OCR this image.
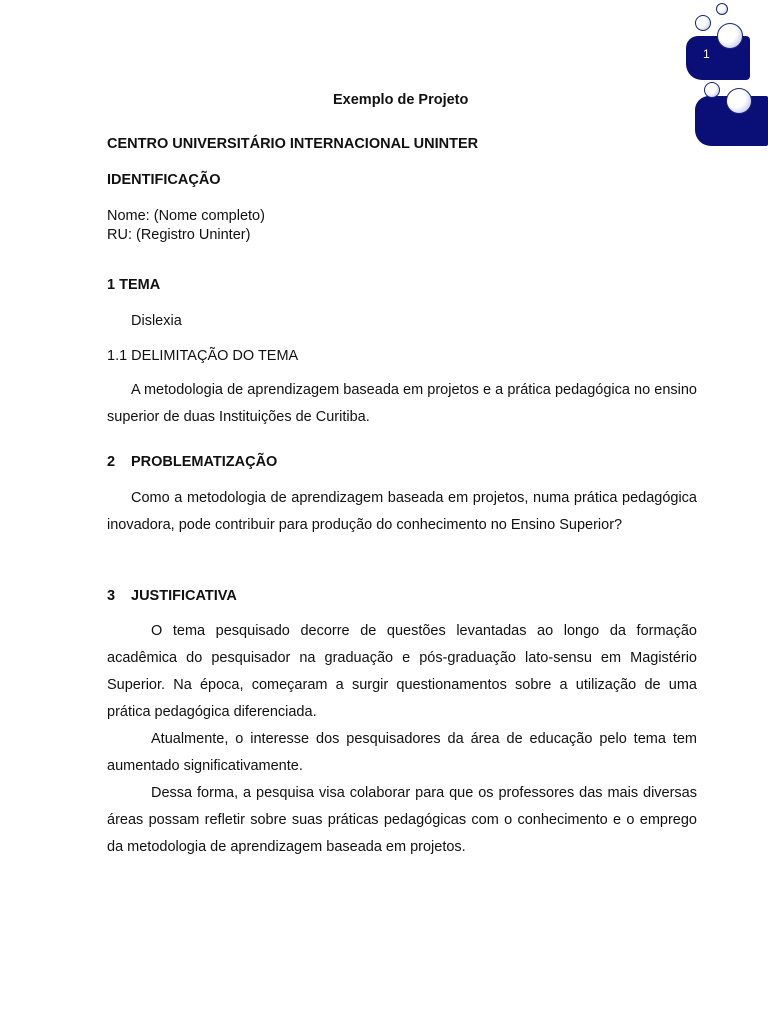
1
Exemplo de Projeto
CENTRO UNIVERSITÁRIO INTERNACIONAL UNINTER
IDENTIFICAÇÃO
Nome: (Nome completo)
RU: (Registro Uninter)
1 TEMA
Dislexia
1.1 DELIMITAÇÃO DO TEMA
A metodologia de aprendizagem baseada em projetos e a prática pedagógica no ensino superior de duas Instituições de Curitiba.
2 PROBLEMATIZAÇÃO
Como a metodologia de aprendizagem baseada em projetos, numa prática pedagógica inovadora, pode contribuir para produção do conhecimento no Ensino Superior?
3 JUSTIFICATIVA
O tema pesquisado decorre de questões levantadas ao longo da formação acadêmica do pesquisador na graduação e pós-graduação lato-sensu em Magistério Superior. Na época, começaram a surgir questionamentos sobre a utilização de uma prática pedagógica diferenciada.
Atualmente, o interesse dos pesquisadores da área de educação pelo tema tem aumentado significativamente.
Dessa forma, a pesquisa visa colaborar para que os professores das mais diversas áreas possam refletir sobre suas práticas pedagógicas com o conhecimento e o emprego da metodologia de aprendizagem baseada em projetos.
